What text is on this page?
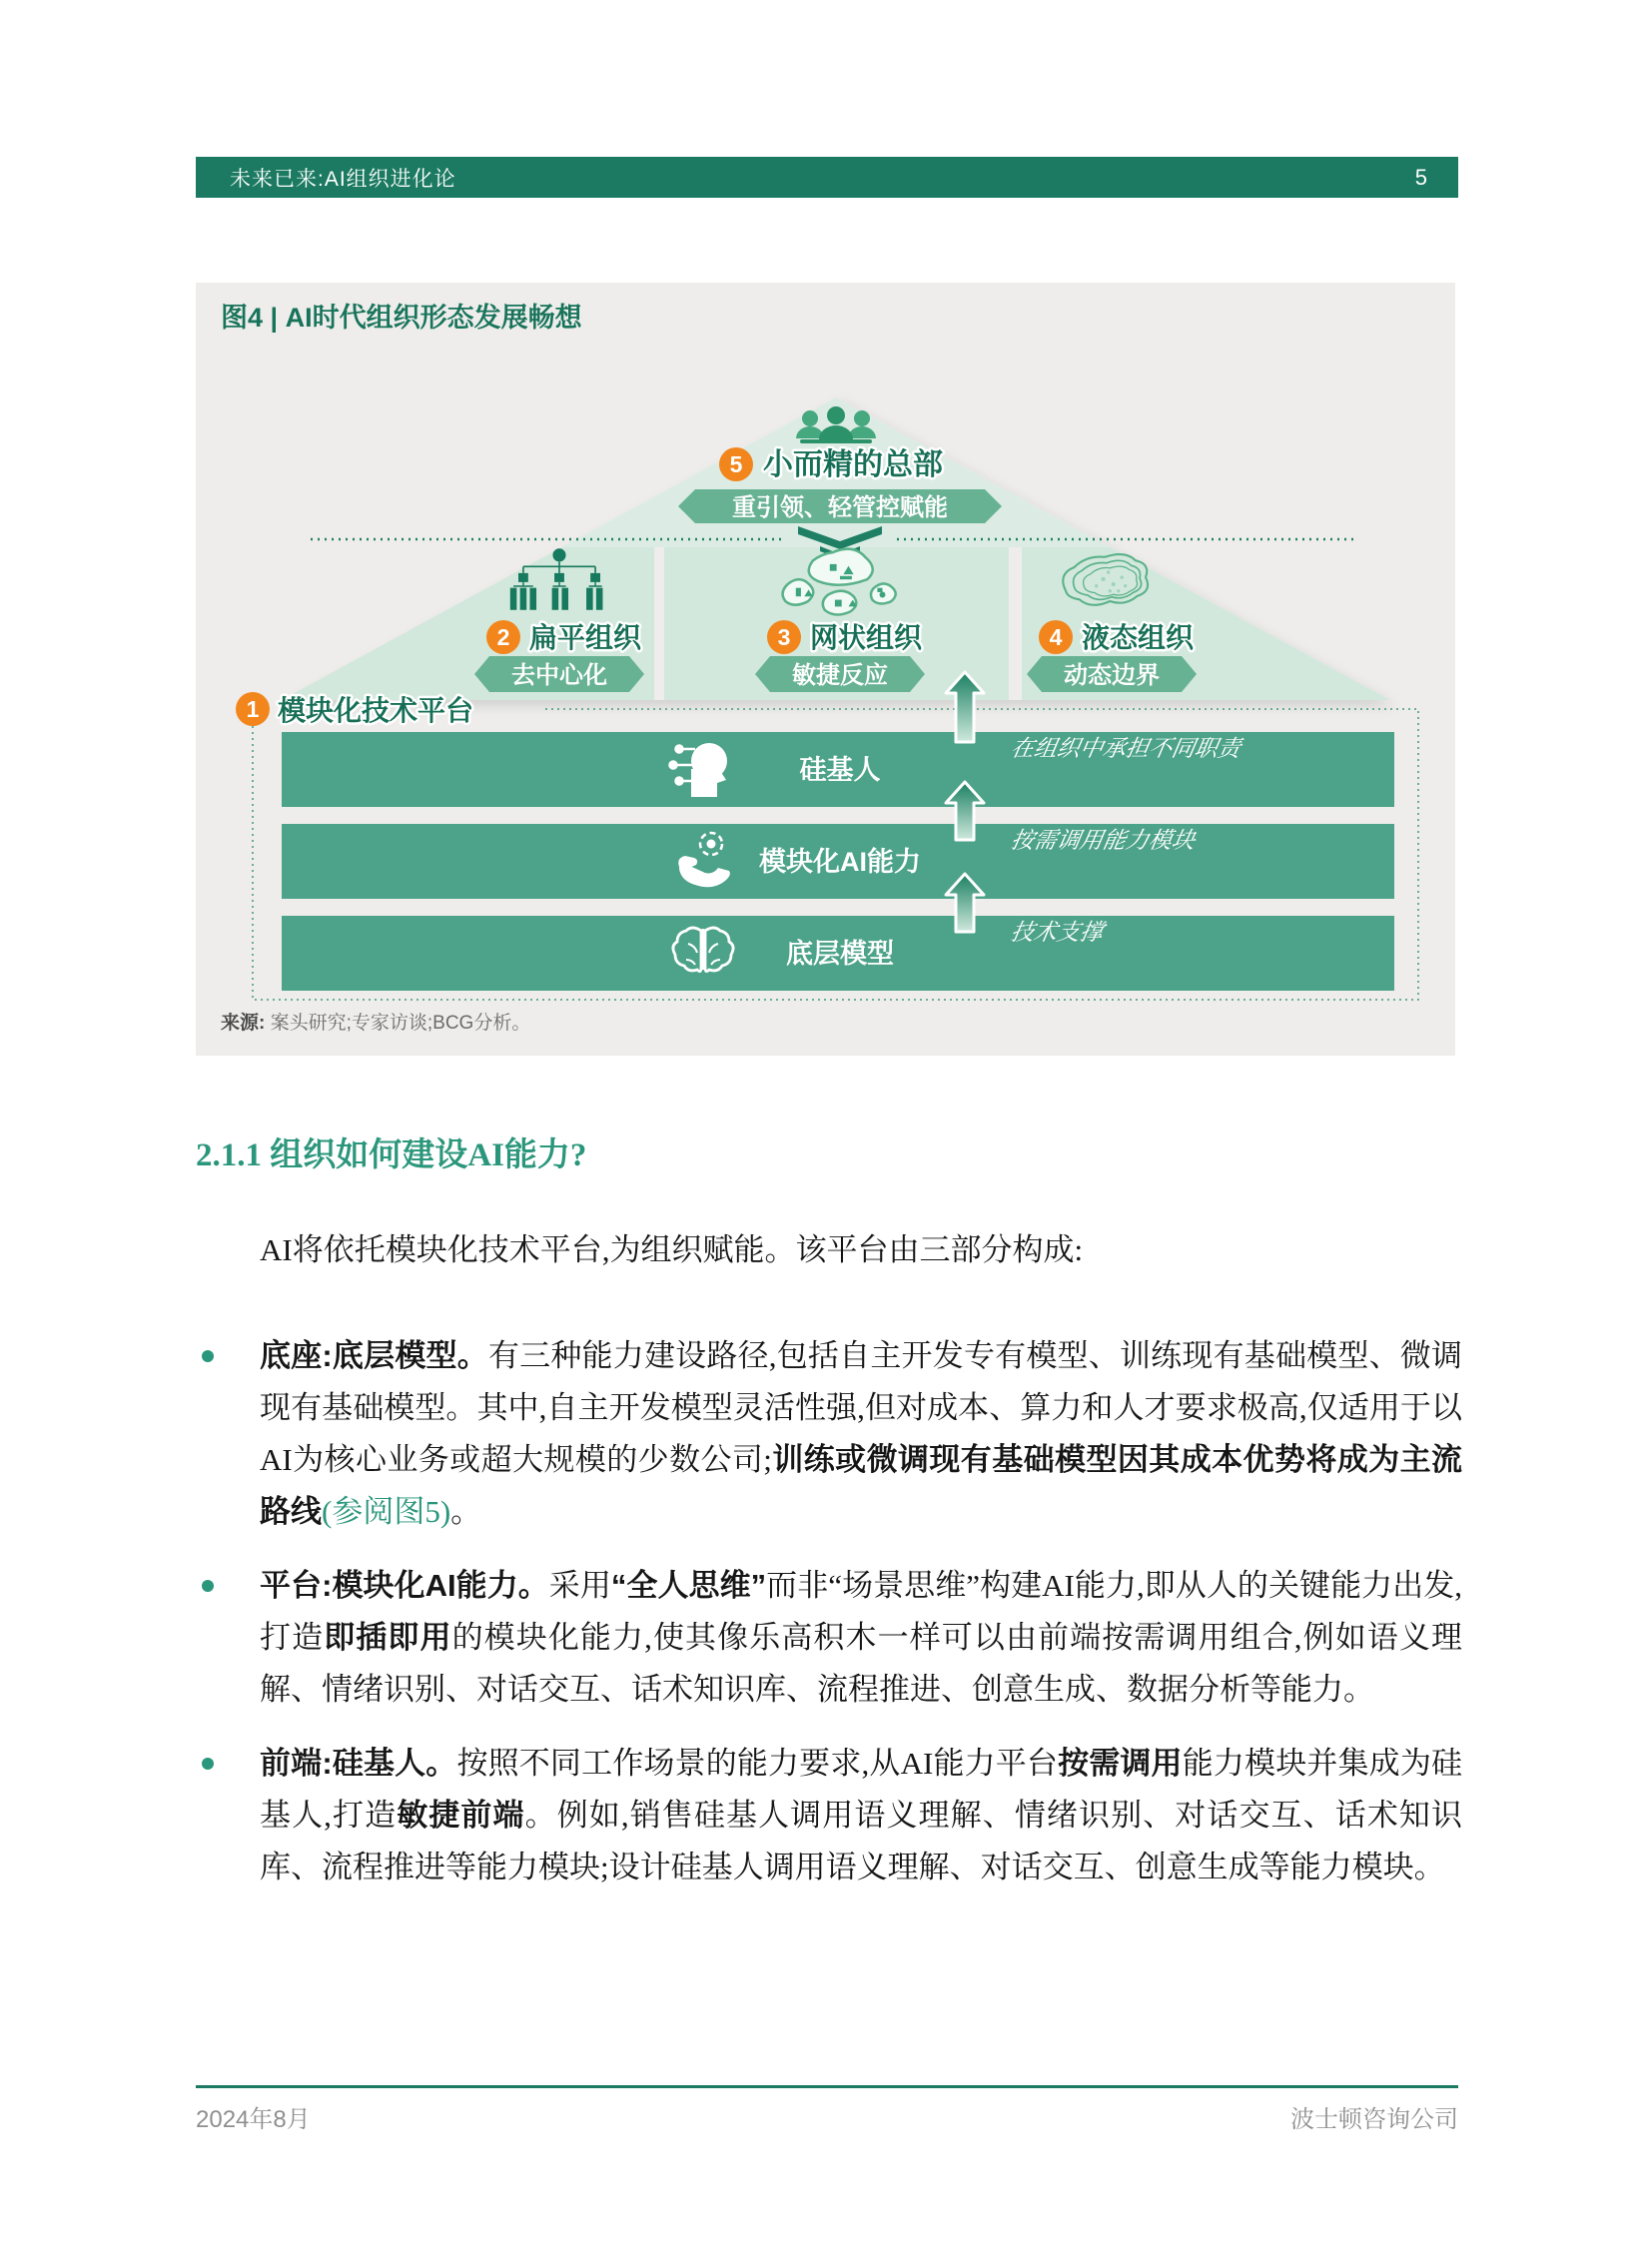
未来已来:AI组织进化论	5
图4 | AI时代组织形态发展畅想
5 小而精的总部
重引领、轻管控赋能
2 扁平组织
去中心化
3 网状组织
敏捷反应
4 液态组织
动态边界
1 模块化技术平台
硅基人
在组织中承担不同职责
模块化AI能力
按需调用能力模块
底层模型
技术支撑

来源: 案头研究;专家访谈;BCG分析。

2.1.1 组织如何建设AI能力?

AI将依托模块化技术平台,为组织赋能。该平台由三部分构成:

底座:底层模型。有三种能力建设路径,包括自主开发专有模型、训练现有基础模型、微调现有基础模型。其中,自主开发模型灵活性强,但对成本、算力和人才要求极高,仅适用于以AI为核心业务或超大规模的少数公司;训练或微调现有基础模型因其成本优势将成为主流路线(参阅图5)。
平台:模块化AI能力。采用“全人思维”而非“场景思维”构建AI能力,即从人的关键能力出发,打造即插即用的模块化能力,使其像乐高积木一样可以由前端按需调用组合,例如语义理解、情绪识别、对话交互、话术知识库、流程推进、创意生成、数据分析等能力。
前端:硅基人。按照不同工作场景的能力要求,从AI能力平台按需调用能力模块并集成为硅基人,打造敏捷前端。例如,销售硅基人调用语义理解、情绪识别、对话交互、话术知识库、流程推进等能力模块;设计硅基人调用语义理解、对话交互、创意生成等能力模块。
2024年8月	波士顿咨询公司
